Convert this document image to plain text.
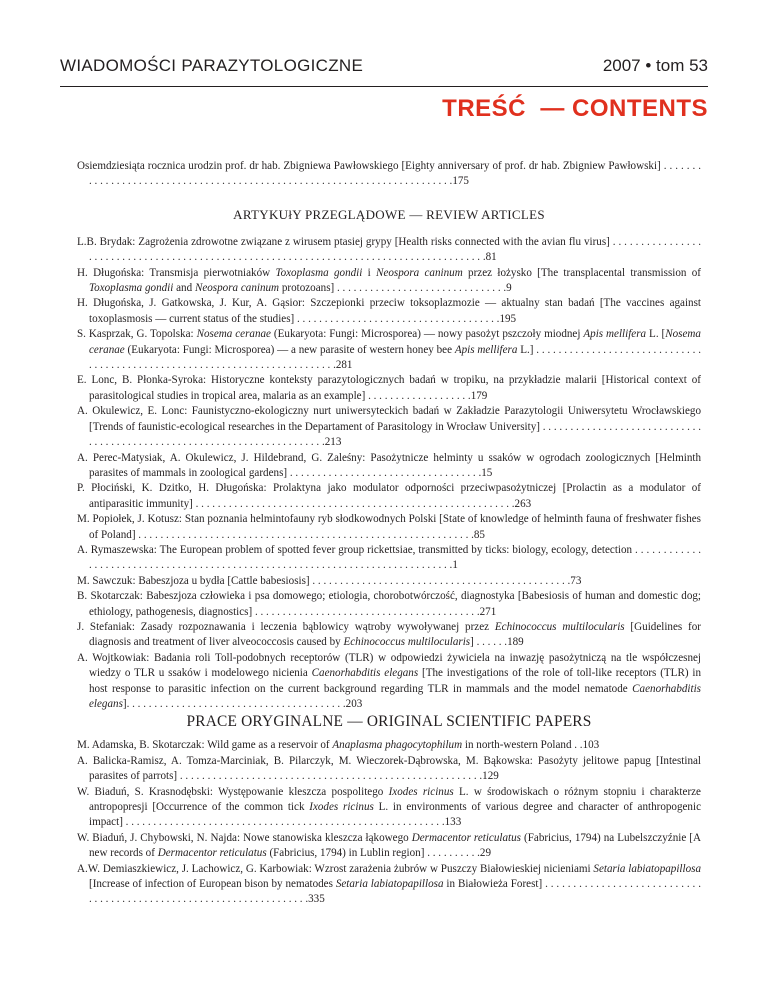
WIADOMOŚCI PARAZYTOLOGICZNE	2007 • tom 53
TREŚĆ  — CONTENTS

Osiemdziesiąta rocznica urodzin prof. dr hab. Zbigniewa Pawłowskiego [Eighty anniversary of prof. dr hab. Zbigniew Pawłowski] . . . . . . . . . . . . . . . . . . . . . . . . . . . . . . . . . . . . . . . . . . . . . . . . . . . . . . . . . . . . . . . . . . . . . . . . .175

ARTYKUłY PRZEGLĄDOWE — REVIEW ARTICLES

L.B. Brydak: Zagrożenia zdrowotne związane z wirusem ptasiej grypy [Health risks connected with the avian flu virus] . . . . . . . . . . . . . . . . . . . . . . . . . . . . . . . . . . . . . . . . . . . . . . . . . . . . . . . . . . . . . . . . . . . . . . . . . . . . . . . . . . . . . . . .81

H. Długońska: Transmisja pierwotniaków Toxoplasma gondii i Neospora caninum przez łożysko [The transplacental transmission of Toxoplasma gondii and Neospora caninum protozoans] . . . . . . . . . . . . . . . . . . . . . . . . . . . . . . .9

H. Długońska, J. Gatkowska, J. Kur, A. Gąsior: Szczepionki przeciw toksoplazmozie — aktualny stan badań [The vaccines against toxoplasmosis — current status of the studies] . . . . . . . . . . . . . . . . . . . . . . . . . . . . . . . . . . . . .195

S. Kasprzak, G. Topolska: Nosema ceranae (Eukaryota: Fungi: Microsporea) — nowy pasożyt pszczoły miodnej Apis mellifera L. [Nosema ceranae (Eukaryota: Fungi: Microsporea) — a new parasite of western honey bee Apis mellifera L.] . . . . . . . . . . . . . . . . . . . . . . . . . . . . . . . . . . . . . . . . . . . . . . . . . . . . . . . . . . . . . . . . . . . . . . . . . . .281

E. Lonc, B. Płonka-Syroka: Historyczne konteksty parazytologicznych badań w tropiku, na przykładzie malarii [Historical context of parasitological studies in tropical area, malaria as an example] . . . . . . . . . . . . . . . . . . .179

A. Okulewicz, E. Lonc: Faunistyczno-ekologiczny nurt uniwersyteckich badań w Zakładzie Parazytologii Uniwersytetu Wrocławskiego [Trends of faunistic-ecological researches in the Departament of Parasitology in Wrocław University] . . . . . . . . . . . . . . . . . . . . . . . . . . . . . . . . . . . . . . . . . . . . . . . . . . . . . . . . . . . . . . . . . . . . . . . .213

A. Perec-Matysiak, A. Okulewicz, J. Hildebrand, G. Zaleśny: Pasożytnicze helminty u ssaków w ogrodach zoologicznych [Helminth parasites of mammals in zoological gardens] . . . . . . . . . . . . . . . . . . . . . . . . . . . . . . . . . . .15

P. Płociński, K. Dzitko, H. Długońska: Prolaktyna jako modulator odporności przeciwpasożytniczej [Prolactin as a modulator of antiparasitic immunity] . . . . . . . . . . . . . . . . . . . . . . . . . . . . . . . . . . . . . . . . . . . . . . . . . . . . . . . . . .263

M. Popiołek, J. Kotusz: Stan poznania helmintofauny ryb słodkowodnych Polski [State of knowledge of helminth fauna of freshwater fishes of Poland] . . . . . . . . . . . . . . . . . . . . . . . . . . . . . . . . . . . . . . . . . . . . . . . . . . . . . . . . . . . . .85

A. Rymaszewska: The European problem of spotted fever group rickettsiae, transmitted by ticks: biology, ecology, detection . . . . . . . . . . . . . . . . . . . . . . . . . . . . . . . . . . . . . . . . . . . . . . . . . . . . . . . . . . . . . . . . . . . . . . . . . . . . . .1

M. Sawczuk: Babeszjoza u bydła [Cattle babesiosis] . . . . . . . . . . . . . . . . . . . . . . . . . . . . . . . . . . . . . . . . . . . . . . .73

B. Skotarczak: Babeszjoza człowieka i psa domowego; etiologia, chorobotwórczość, diagnostyka [Babesiosis of human and domestic dog; ethiology, pathogenesis, diagnostics] . . . . . . . . . . . . . . . . . . . . . . . . . . . . . . . . . . . . . . . . .271

J. Stefaniak: Zasady rozpoznawania i leczenia bąblowicy wątroby wywoływanej przez Echinococcus multilocularis [Guidelines for diagnosis and treatment of liver alveococcosis caused by Echinococcus multilocularis] . . . . . .189

A. Wojtkowiak: Badania roli Toll-podobnych receptorów (TLR) w odpowiedzi żywiciela na inwazję pasożytniczą na tle współczesnej wiedzy o TLR u ssaków i modelowego nicienia Caenorhabditis elegans [The investigations of the role of toll-like receptors (TLR) in host response to parasitic infection on the current background regarding TLR in mammals and the model nematode Caenorhabditis elegans]. . . . . . . . . . . . . . . . . . . . . . . . . . . . . . . . . . . . . . . .203

PRACE ORYGINALNE — ORIGINAL SCIENTIFIC PAPERS

M. Adamska, B. Skotarczak: Wild game as a reservoir of Anaplasma phagocytophilum in north-western Poland . .103

A. Balicka-Ramisz, A. Tomza-Marciniak, B. Pilarczyk, M. Wieczorek-Dąbrowska, M. Bąkowska: Pasożyty jelitowe papug [Intestinal parasites of parrots] . . . . . . . . . . . . . . . . . . . . . . . . . . . . . . . . . . . . . . . . . . . . . . . . . . . . . . .129

W. Biaduń, S. Krasnodębski: Występowanie kleszcza pospolitego Ixodes ricinus L. w środowiskach o różnym stopniu i charakterze antropopresji [Occurrence of the common tick Ixodes ricinus L. in environments of various degree and character of anthropogenic impact] . . . . . . . . . . . . . . . . . . . . . . . . . . . . . . . . . . . . . . . . . . . . . . . . . . . . . . . . . .133

W. Biaduń, J. Chybowski, N. Najda: Nowe stanowiska kleszcza łąkowego Dermacentor reticulatus (Fabricius, 1794) na Lubelszczyźnie [A new records of Dermacentor reticulatus (Fabricius, 1794) in Lublin region] . . . . . . . . . .29

A.W. Demiaszkiewicz, J. Lachowicz, G. Karbowiak: Wzrost zarażenia żubrów w Puszczy Białowieskiej nicieniami Setaria labiatopapillosa [Increase of infection of European bison by nematodes Setaria labiatopapillosa in Białowieża Forest] . . . . . . . . . . . . . . . . . . . . . . . . . . . . . . . . . . . . . . . . . . . . . . . . . . . . . . . . . . . . . . . . . . . .335
